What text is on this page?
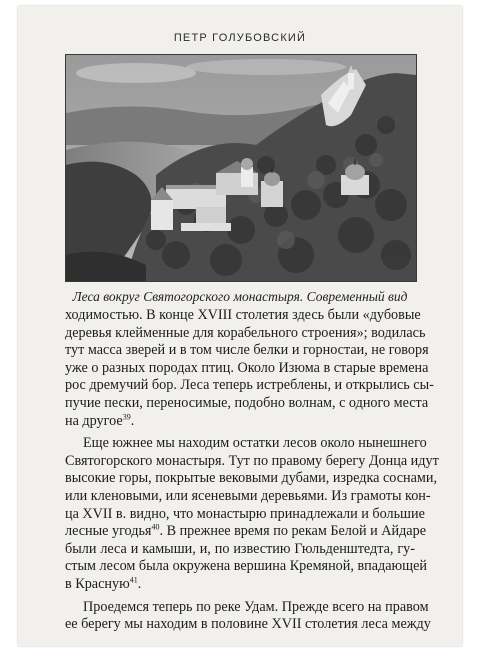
ПЕТР ГОЛУБОВСКИЙ
Леса вокруг Святогорского монастыря. Современный вид
ходимостью. В конце XVIII столетия здесь были «дубовые
деревья клейменные для корабельного строения»; водилась
тут масса зверей и в том числе белки и горностаи, не говоря
уже о разных породах птиц. Около Изюма в старые времена
рос дремучий бор. Леса теперь истреблены, и открылись сы-
пучие пески, переносимые, подобно волнам, с одного места
на другое$^{39}$.
Еще южнее мы находим остатки лесов около нынешнего
Святогорского монастыря. Тут по правому берегу Донца идут
высокие горы, покрытые вековыми дубами, изредка соснами,
или кленовыми, или ясеневыми деревьями. Из грамоты кон-
ца XVII в. видно, что монастырю принадлежали и большие
лесные угодья$^{40}$. В прежнее время по рекам Белой и Айдаре
были леса и камыши, и, по известию Гюльденштедта, гу-
стым лесом была окружена вершина Кремяной, впадающей
в Красную$^{41}$.
Проедемся теперь по реке Удам. Прежде всего на правом
ее берегу мы находим в половине XVII столетия леса между
